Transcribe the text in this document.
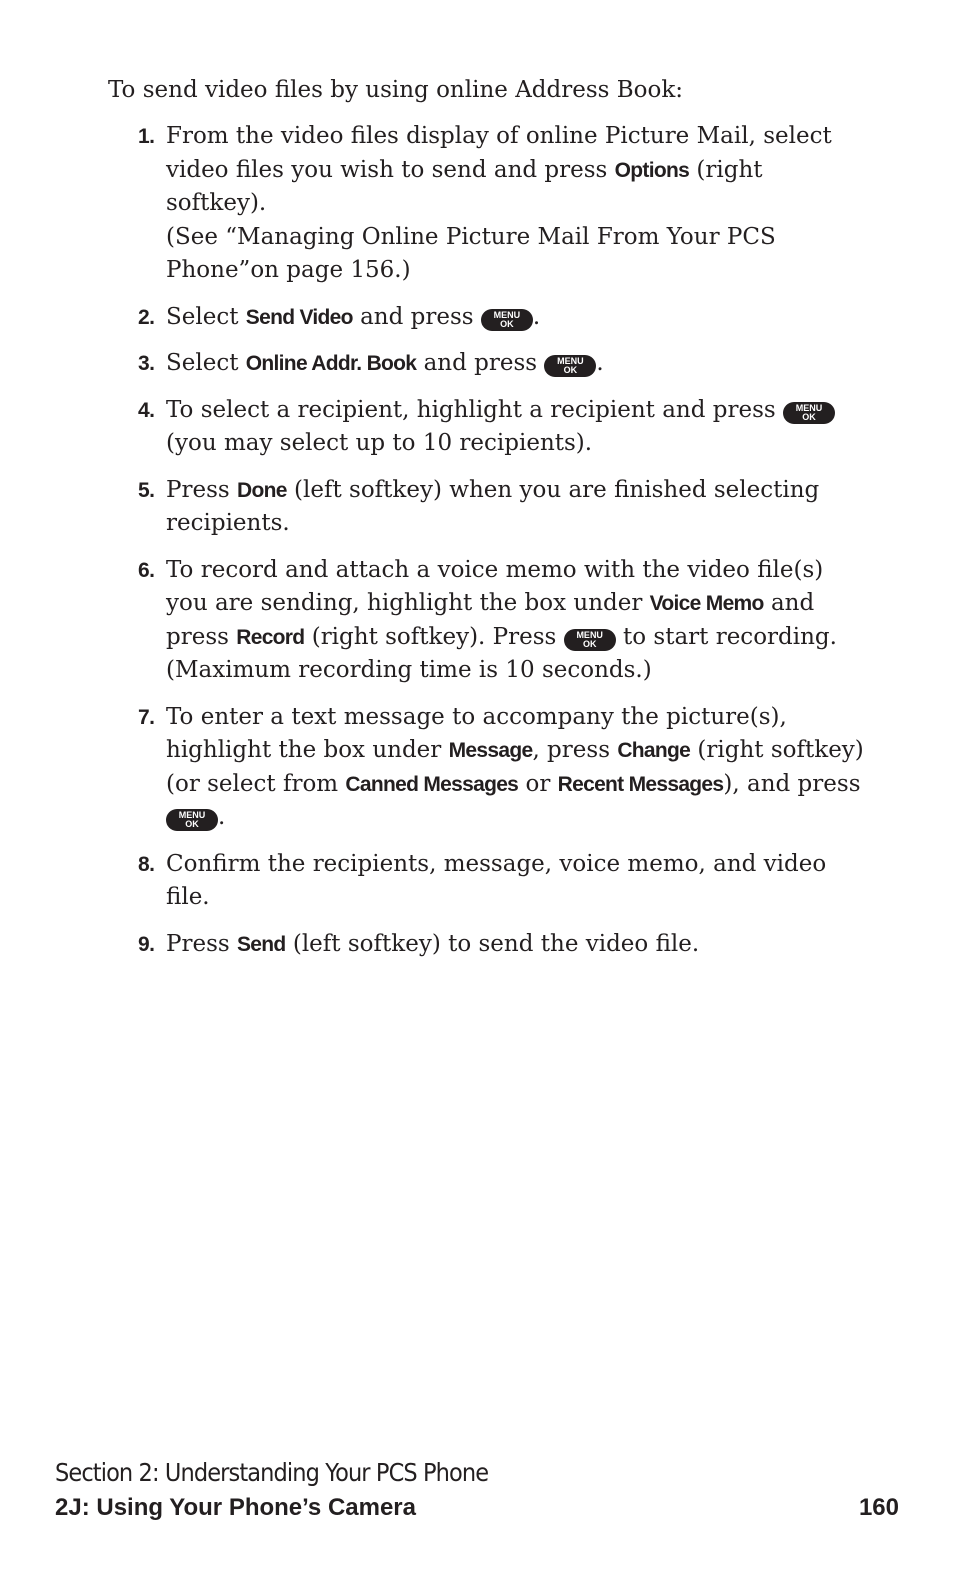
To send video files by using online Address Book:

1. From the video files display of online Picture Mail, select video files you wish to send and press Options (right softkey).
(See “Managing Online Picture Mail From Your PCS Phone”on page 156.)
2. Select Send Video and press	MENU
OK .
3. Select Online Addr. Book and press	MENU
OK .
4. To select a recipient, highlight a recipient and press	MENU
OK
(you may select up to 10 recipients).
5. Press Done (left softkey) when you are finished selecting recipients.
6. To record and attach a voice memo with the video file(s) you are sending, highlight the box under Voice Memo and press Record (right softkey). Press	MENU
OK to start recording. (Maximum recording time is 10 seconds.)
7. To enter a text message to accompany the picture(s), highlight the box under Message, press Change (right softkey) (or select from Canned Messages or Recent Messages), and press
MENU
OK .
8. Confirm the recipients, message, voice memo, and video file.
9. Press Send (left softkey) to send the video file.
Section 2: Understanding Your PCS Phone
2J: Using Your Phone’s Camera	160
